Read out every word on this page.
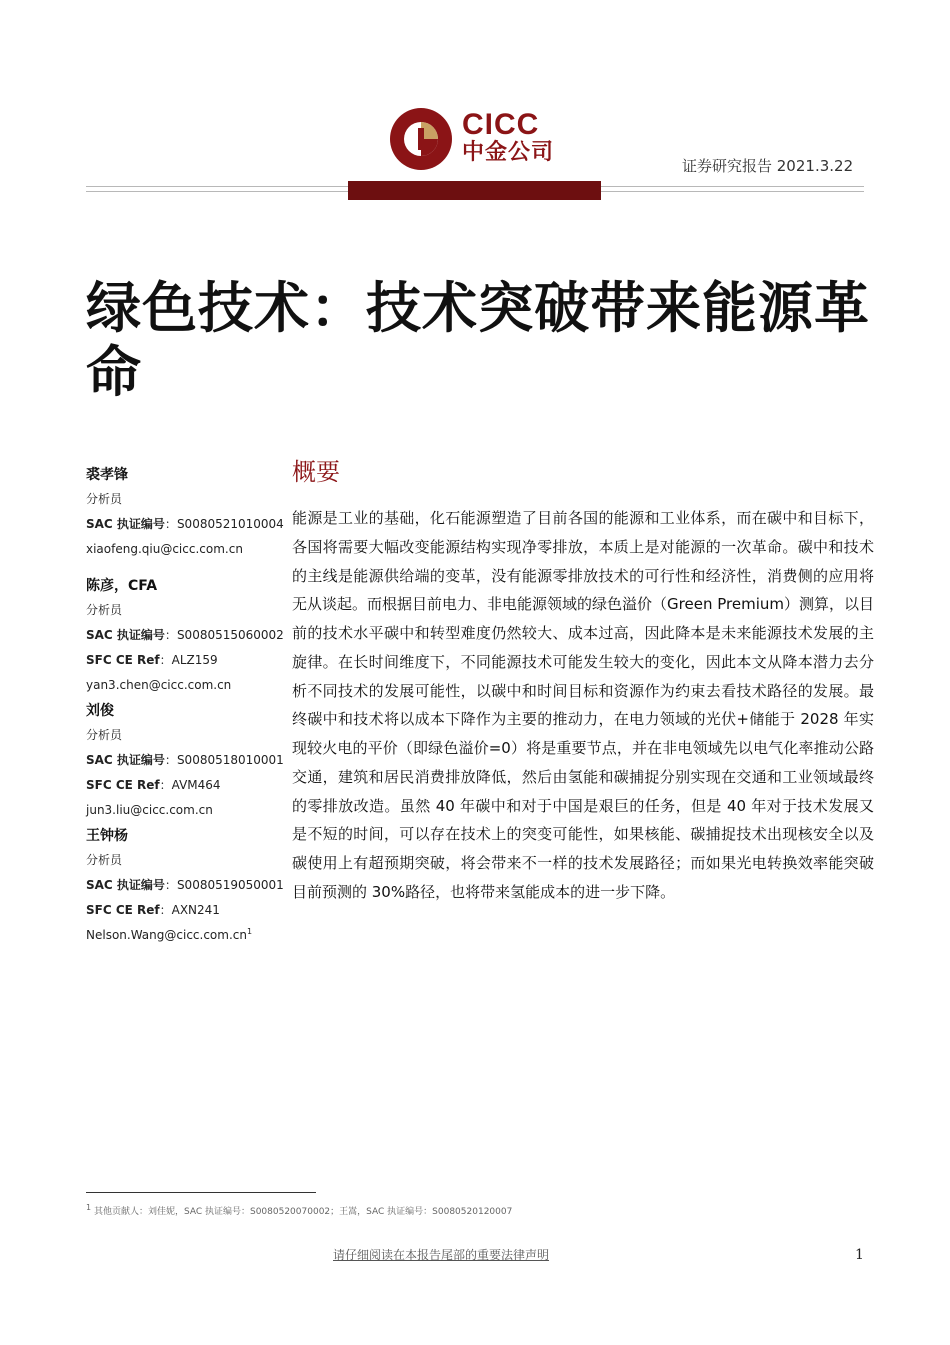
CICC
中金公司
证券研究报告 2021.3.22
绿色技术：技术突破带来能源革命
裘孝锋
分析员
SAC 执证编号：S0080521010004
xiaofeng.qiu@cicc.com.cn
陈彦，CFA
分析员
SAC 执证编号：S0080515060002
SFC CE Ref：ALZ159
yan3.chen@cicc.com.cn
刘俊
分析员
SAC 执证编号：S0080518010001
SFC CE Ref：AVM464
jun3.liu@cicc.com.cn
王钟杨
分析员
SAC 执证编号：S0080519050001
SFC CE Ref：AXN241
$Nelson.Wang@cicc.com.cn^1$
概要

能源是工业的基础，化石能源塑造了目前各国的能源和工业体系，而在碳中和目标下，各国将需要大幅改变能源结构实现净零排放，本质上是对能源的一次革命。碳中和技术的主线是能源供给端的变革，没有能源零排放技术的可行性和经济性，消费侧的应用将无从谈起。而根据目前电力、非电能源领域的绿色溢价（Green Premium）测算，以目前的技术水平碳中和转型难度仍然较大、成本过高，因此降本是未来能源技术发展的主旋律。在长时间维度下，不同能源技术可能发生较大的变化，因此本文从降本潜力去分析不同技术的发展可能性，以碳中和时间目标和资源作为约束去看技术路径的发展。最终碳中和技术将以成本下降作为主要的推动力，在电力领域的光伏+储能于 2028 年实现较火电的平价（即绿色溢价=0）将是重要节点，并在非电领域先以电气化率推动公路交通，建筑和居民消费排放降低，然后由氢能和碳捕捉分别实现在交通和工业领域最终的零排放改造。虽然 40 年碳中和对于中国是艰巨的任务，但是 40 年对于技术发展又是不短的时间，可以存在技术上的突变可能性，如果核能、碳捕捉技术出现核安全以及碳使用上有超预期突破，将会带来不一样的技术发展路径；而如果光电转换效率能突破目前预测的 30%路径，也将带来氢能成本的进一步下降。

$^1$ 其他贡献人：刘佳妮，SAC 执证编号：S0080520070002；王嵩，SAC 执证编号：S0080520120007
请仔细阅读在本报告尾部的重要法律声明	1
